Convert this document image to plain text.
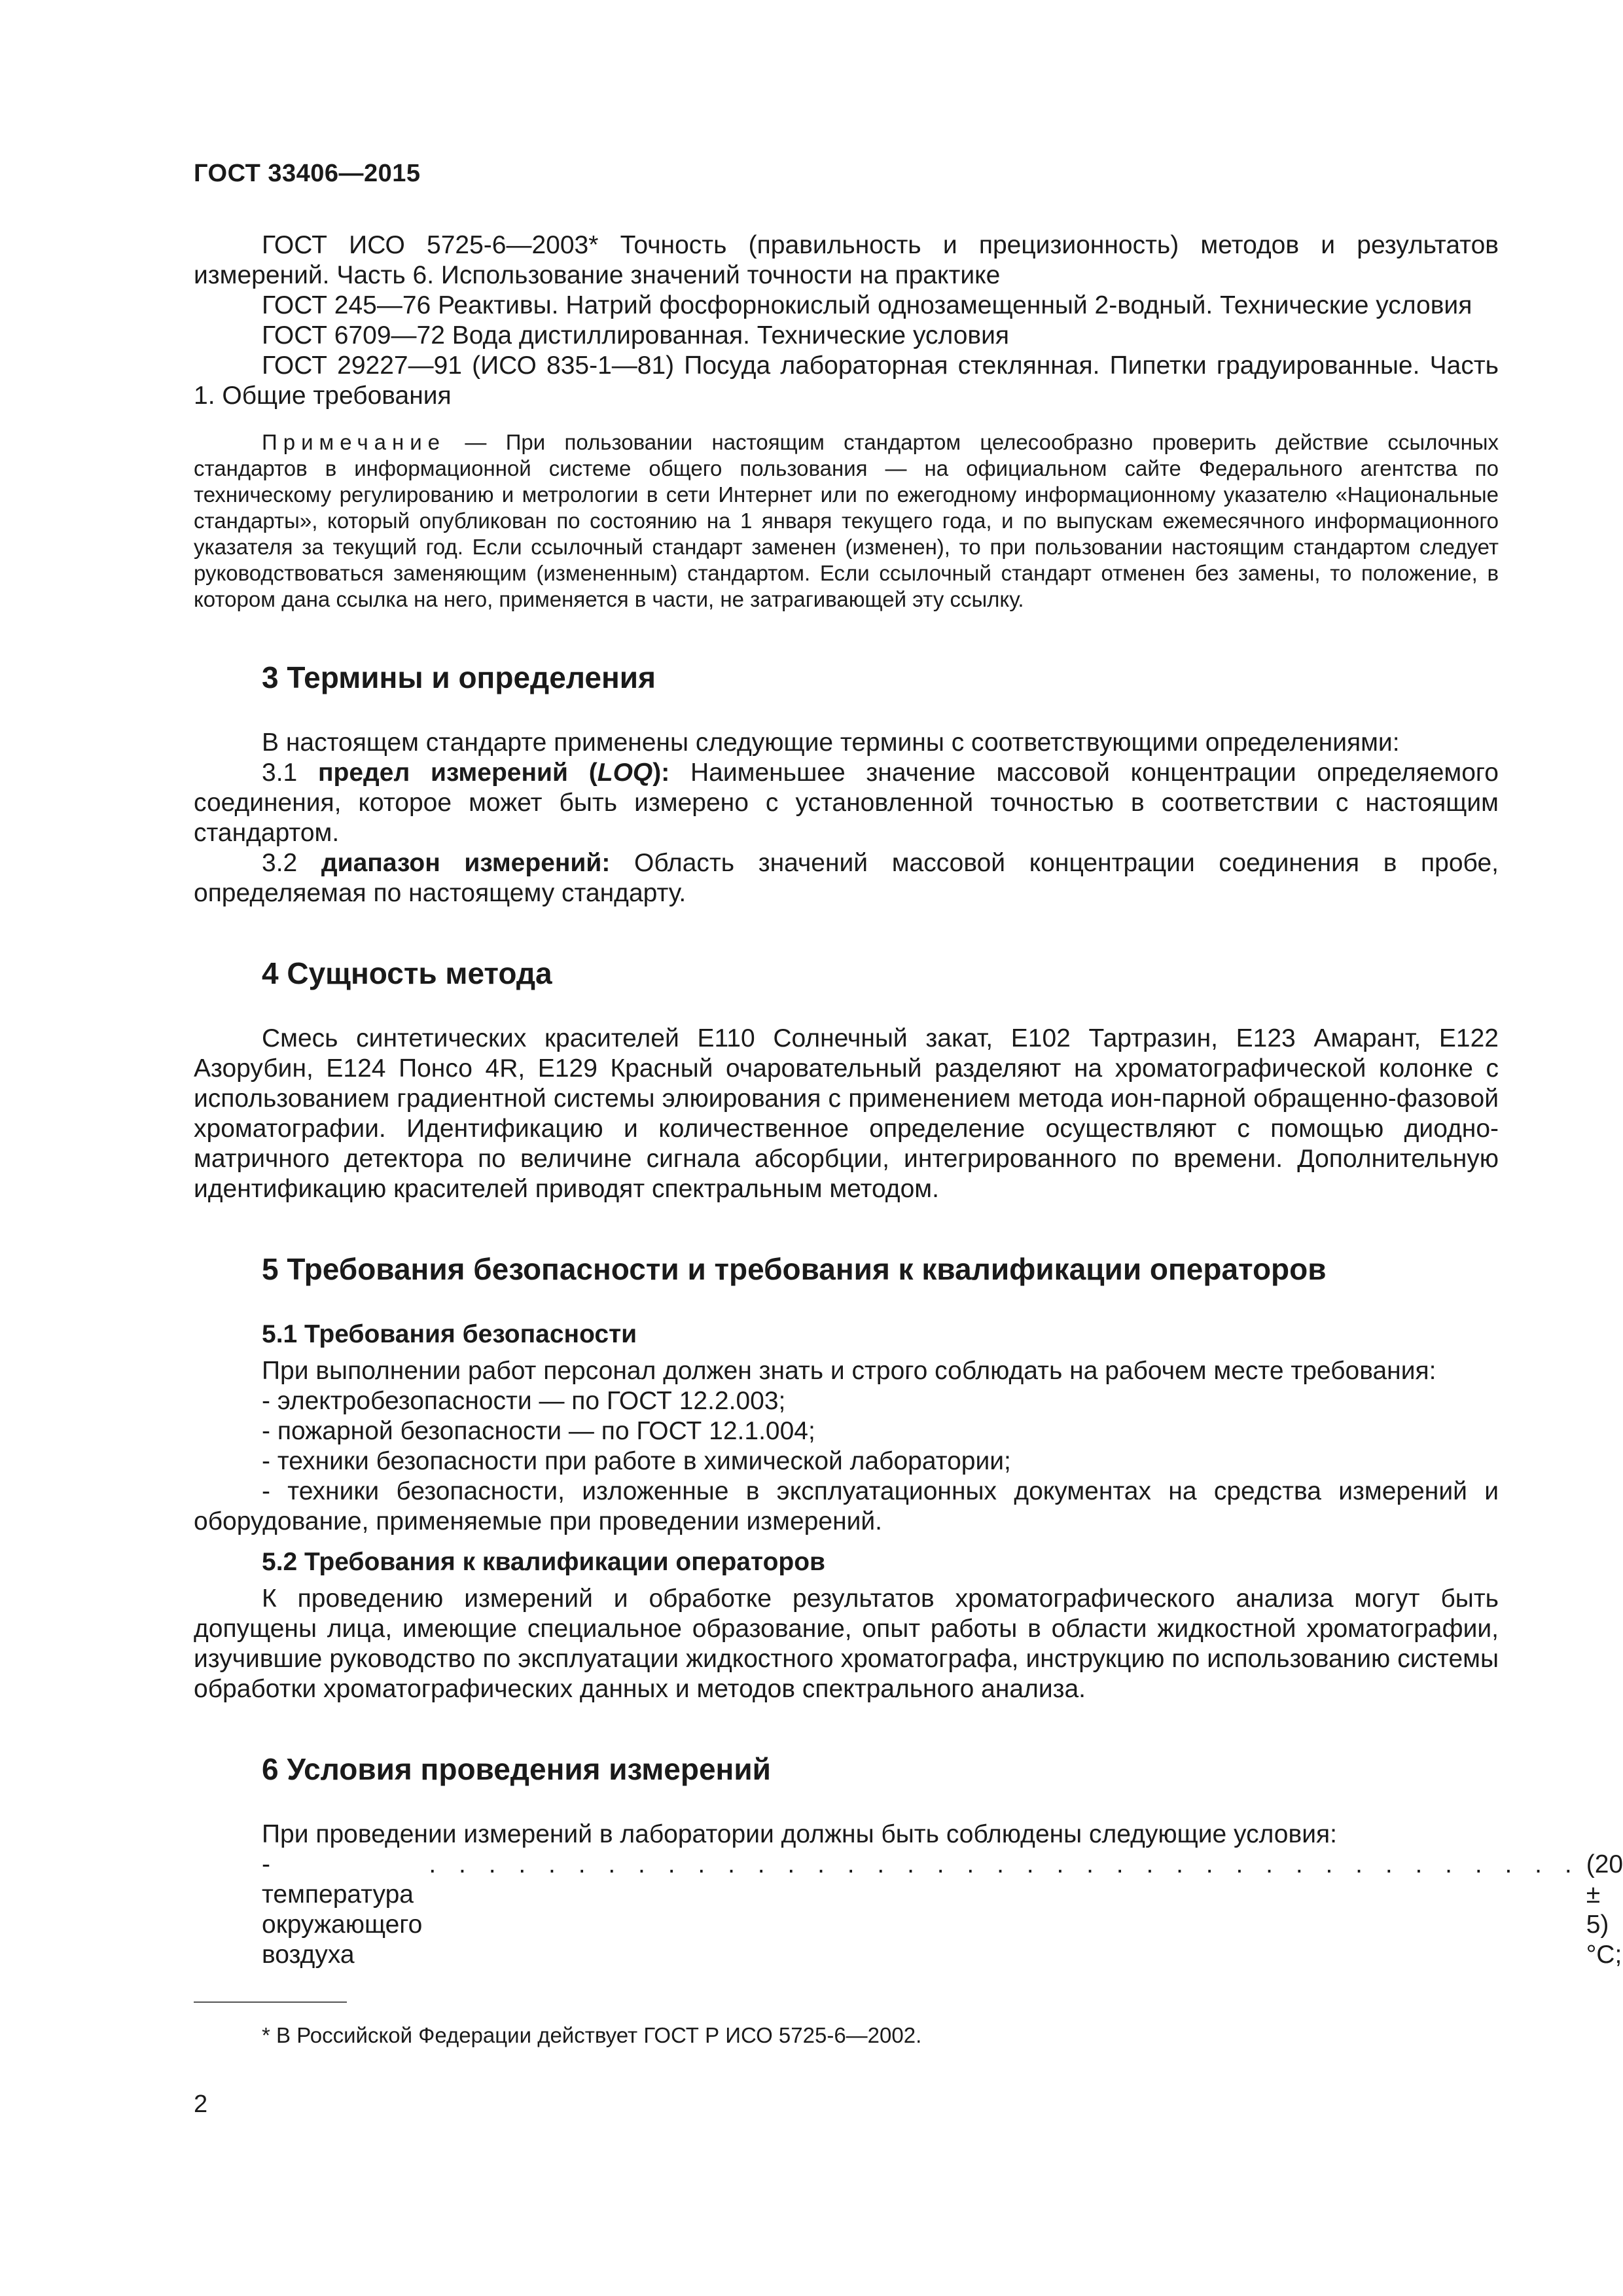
ГОСТ 33406—2015

ГОСТ ИСО 5725-6—2003* Точность (правильность и прецизионность) методов и результатов измерений. Часть 6. Использование значений точности на практике

ГОСТ 245—76 Реактивы. Натрий фосфорнокислый однозамещенный 2-водный. Технические условия

ГОСТ 6709—72 Вода дистиллированная. Технические условия

ГОСТ 29227—91 (ИСО 835-1—81) Посуда лабораторная стеклянная. Пипетки градуированные. Часть 1. Общие требования

Примечание — При пользовании настоящим стандартом целесообразно проверить действие ссылочных стандартов в информационной системе общего пользования — на официальном сайте Федерального агентства по техническому регулированию и метрологии в сети Интернет или по ежегодному информационному указателю «Национальные стандарты», который опубликован по состоянию на 1 января текущего года, и по выпускам ежемесячного информационного указателя за текущий год. Если ссылочный стандарт заменен (изменен), то при пользовании настоящим стандартом следует руководствоваться заменяющим (измененным) стандартом. Если ссылочный стандарт отменен без замены, то положение, в котором дана ссылка на него, применяется в части, не затрагивающей эту ссылку.

3 Термины и определения

В настоящем стандарте применены следующие термины с соответствующими определениями:

3.1 предел измерений (LOQ): Наименьшее значение массовой концентрации определяемого соединения, которое может быть измерено с установленной точностью в соответствии с настоящим стандартом.

3.2 диапазон измерений: Область значений массовой концентрации соединения в пробе, определяемая по настоящему стандарту.

4 Сущность метода

Смесь синтетических красителей Е110 Солнечный закат, Е102 Тартразин, Е123 Амарант, Е122 Азорубин, Е124 Понсо 4R, Е129 Красный очаровательный разделяют на хроматографической колонке с использованием градиентной системы элюирования с применением метода ион-парной обращенно-фазовой хроматографии. Идентификацию и количественное определение осуществляют с помощью диодно-матричного детектора по величине сигнала абсорбции, интегрированного по времени. Дополнительную идентификацию красителей приводят спектральным методом.

5 Требования безопасности и требования к квалификации операторов
5.1 Требования безопасности

При выполнении работ персонал должен знать и строго соблюдать на рабочем месте требования:

- электробезопасности — по ГОСТ 12.2.003;

- пожарной безопасности — по ГОСТ 12.1.004;

- техники безопасности при работе в химической лаборатории;

- техники безопасности, изложенные в эксплуатационных документах на средства измерений и оборудование, применяемые при проведении измерений.

5.2 Требования к квалификации операторов

К проведению измерений и обработке результатов хроматографического анализа могут быть допущены лица, имеющие специальное образование, опыт работы в области жидкостной хроматографии, изучившие руководство по эксплуатации жидкостного хроматографа, инструкцию по использованию системы обработки хроматографических данных и методов спектрального анализа.

6 Условия проведения измерений

При проведении измерений в лаборатории должны быть соблюдены следующие условия:

- температура окружающего воздуха
. . . . . . . . . . . . . . . . . . . . . . . . . . . . . . . . . . . . . . . (20 ± 5) °С;
* В Российской Федерации действует ГОСТ Р ИСО 5725-6—2002.
2
